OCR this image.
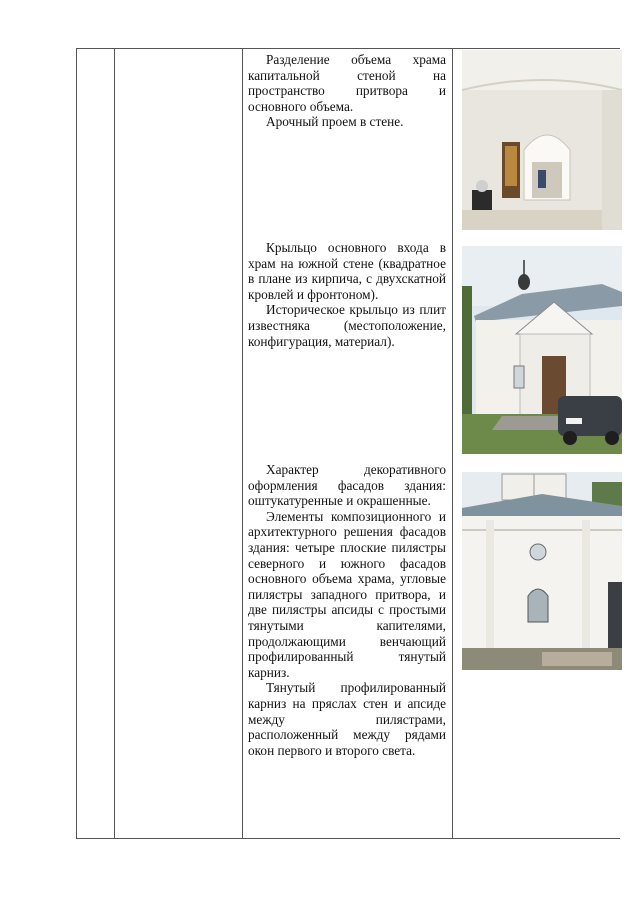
Разделение объема храма капитальной стеной на пространство притвора и основного объема.

Арочный проем в стене.

Крыльцо основного входа в храм на южной стене (квадратное в плане из кирпича, с двухскатной кровлей и фронтоном).

Историческое крыльцо из плит известняка (местоположение, конфигурация, материал).

Характер декоративного оформления фасадов здания: оштукатуренные и окрашенные.

Элементы композиционного и архитектурного решения фасадов здания: четыре плоские пилястры северного и южного фасадов основного объема храма, угловые пилястры западного притвора, и две пилястры апсиды с простыми тянутыми капителями, продолжающими венчающий профилированный тянутый карниз.

Тянутый профилированный карниз на пряслах стен и апсиде между пилястрами, расположенный между рядами окон первого и второго света.
